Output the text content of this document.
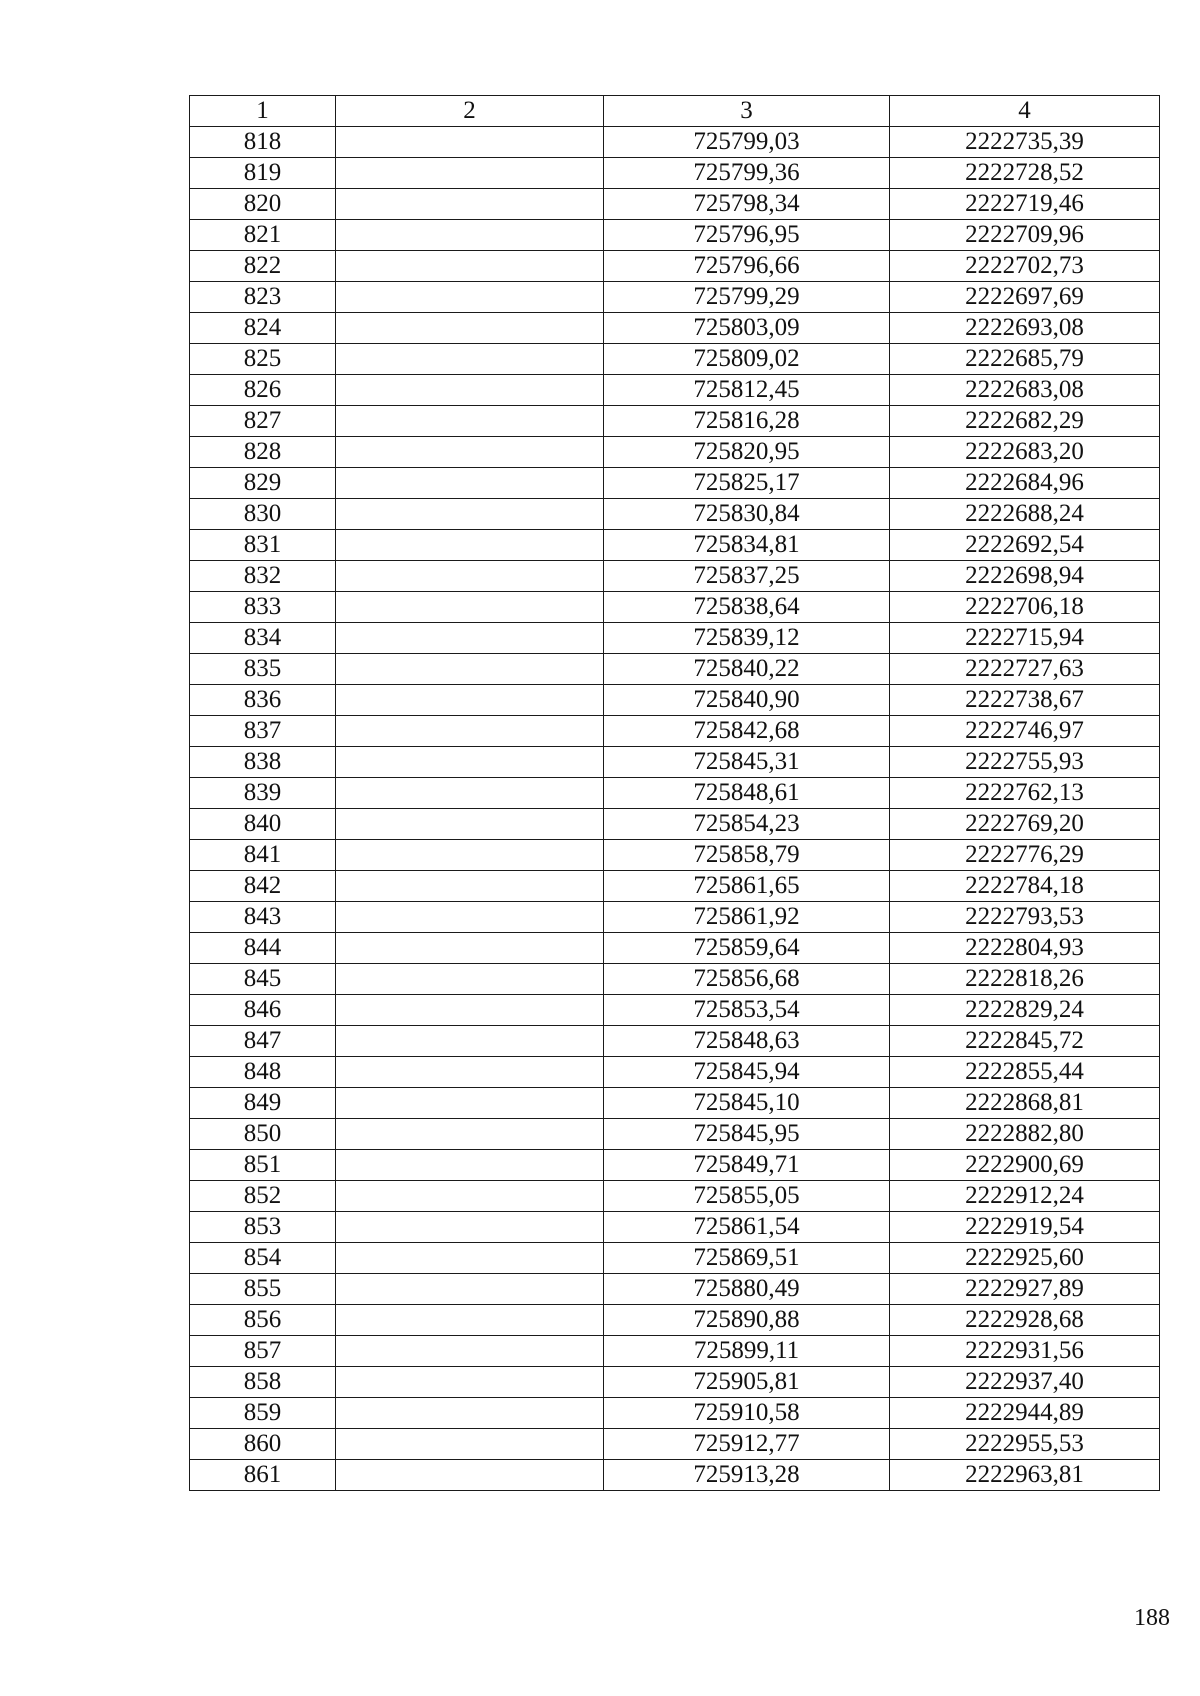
1	2	3	4
818		725799,03	2222735,39
819		725799,36	2222728,52
820		725798,34	2222719,46
821		725796,95	2222709,96
822		725796,66	2222702,73
823		725799,29	2222697,69
824		725803,09	2222693,08
825		725809,02	2222685,79
826		725812,45	2222683,08
827		725816,28	2222682,29
828		725820,95	2222683,20
829		725825,17	2222684,96
830		725830,84	2222688,24
831		725834,81	2222692,54
832		725837,25	2222698,94
833		725838,64	2222706,18
834		725839,12	2222715,94
835		725840,22	2222727,63
836		725840,90	2222738,67
837		725842,68	2222746,97
838		725845,31	2222755,93
839		725848,61	2222762,13
840		725854,23	2222769,20
841		725858,79	2222776,29
842		725861,65	2222784,18
843		725861,92	2222793,53
844		725859,64	2222804,93
845		725856,68	2222818,26
846		725853,54	2222829,24
847		725848,63	2222845,72
848		725845,94	2222855,44
849		725845,10	2222868,81
850		725845,95	2222882,80
851		725849,71	2222900,69
852		725855,05	2222912,24
853		725861,54	2222919,54
854		725869,51	2222925,60
855		725880,49	2222927,89
856		725890,88	2222928,68
857		725899,11	2222931,56
858		725905,81	2222937,40
859		725910,58	2222944,89
860		725912,77	2222955,53
861		725913,28	2222963,81
188
